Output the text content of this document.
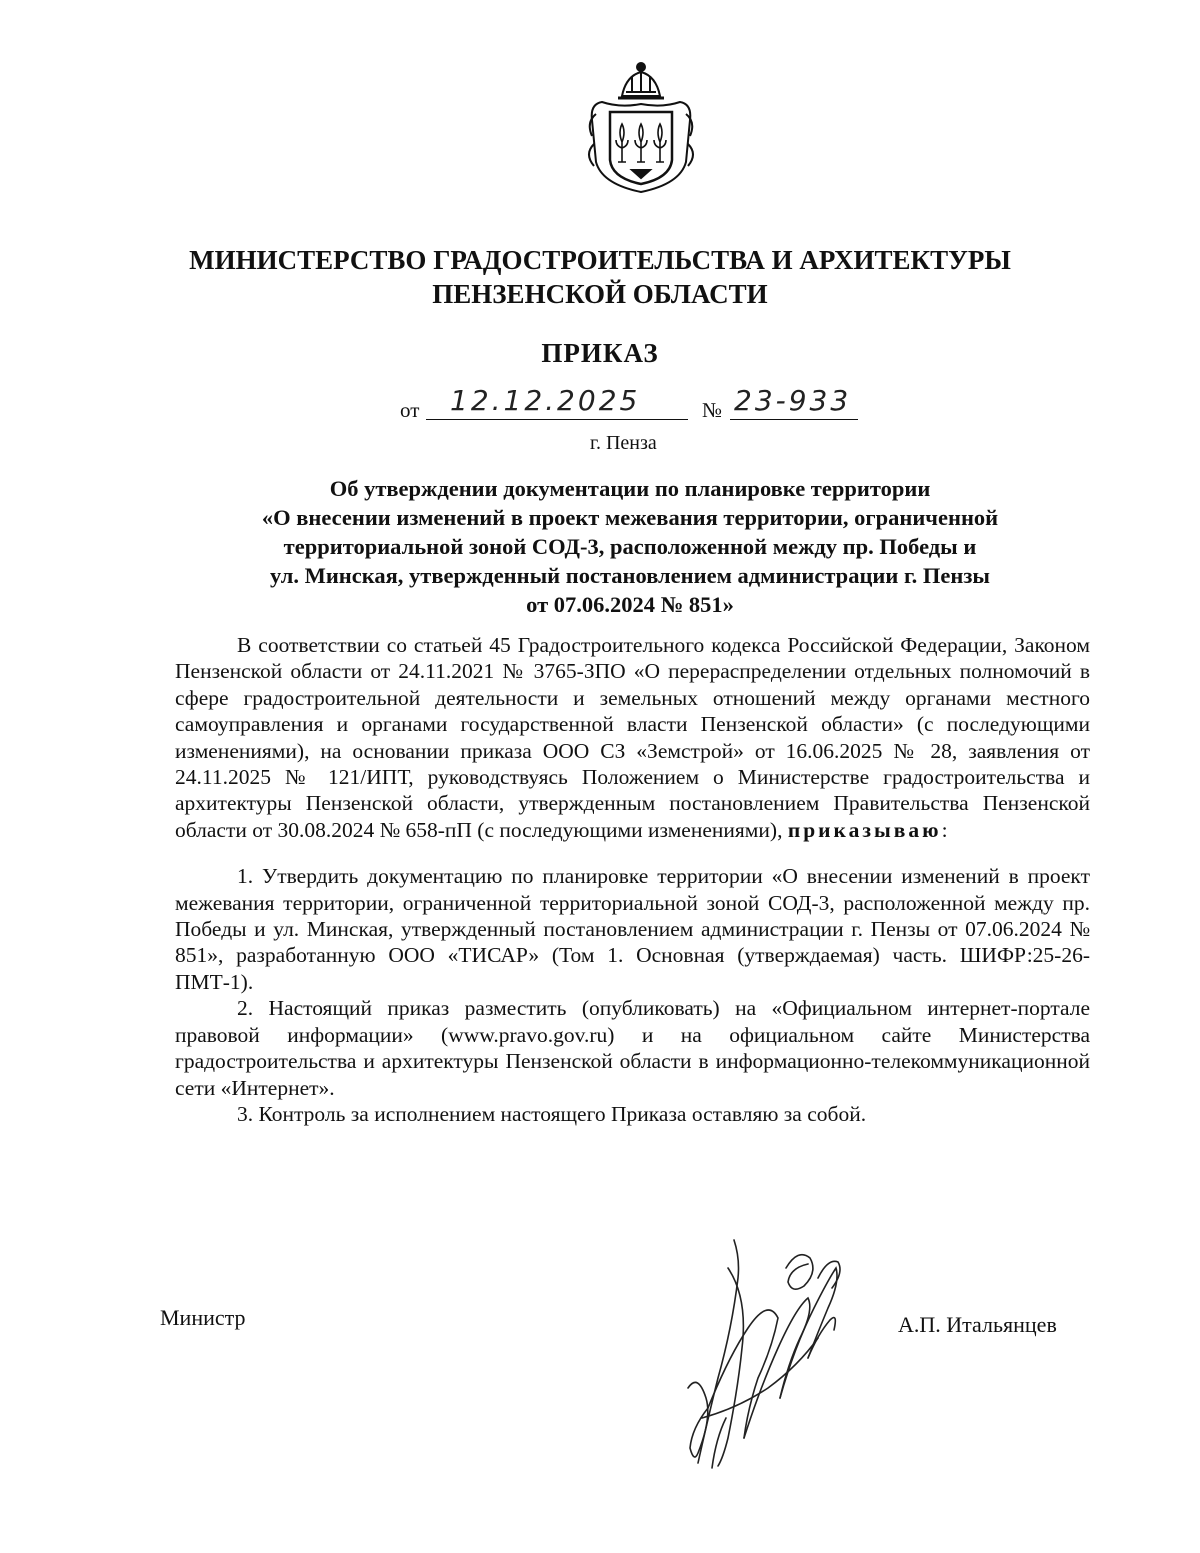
МИНИСТЕРСТВО ГРАДОСТРОИТЕЛЬСТВА И АРХИТЕКТУРЫ
ПЕНЗЕНСКОЙ ОБЛАСТИ
ПРИКАЗ
от 12.12.2025	№ 23-933
г. Пенза
Об утверждении документации по планировке территории
«О внесении изменений в проект межевания территории, ограниченной
территориальной зоной СОД-3, расположенной между пр. Победы и
ул. Минская, утвержденный постановлением администрации г. Пензы
от 07.06.2024 № 851»

В соответствии со статьей 45 Градостроительного кодекса Российской Федерации, Законом Пензенской области от 24.11.2021 № 3765-ЗПО «О перераспределении отдельных полномочий в сфере градостроительной деятельности и земельных отношений между органами местного самоуправления и органами государственной власти Пензенской области» (с последующими изменениями), на основании приказа ООО СЗ «Земстрой» от 16.06.2025 № 28, заявления от 24.11.2025 № 121/ИПТ, руководствуясь Положением о Министерстве градостроительства и архитектуры Пензенской области, утвержденным постановлением Правительства Пензенской области от 30.08.2024 № 658-пП (с последующими изменениями), приказываю:

1. Утвердить документацию по планировке территории «О внесении изменений в проект межевания территории, ограниченной территориальной зоной СОД-3, расположенной между пр. Победы и ул. Минская, утвержденный постановлением администрации г. Пензы от 07.06.2024 № 851», разработанную ООО «ТИСАР» (Том 1. Основная (утверждаемая) часть. ШИФР:25-26-ПМТ-1).

2. Настоящий приказ разместить (опубликовать) на «Официальном интернет-портале правовой информации» (www.pravo.gov.ru) и на официальном сайте Министерства градостроительства и архитектуры Пензенской области в информационно-телекоммуникационной сети «Интернет».

3. Контроль за исполнением настоящего Приказа оставляю за собой.

Министр	А.П. Итальянцев
